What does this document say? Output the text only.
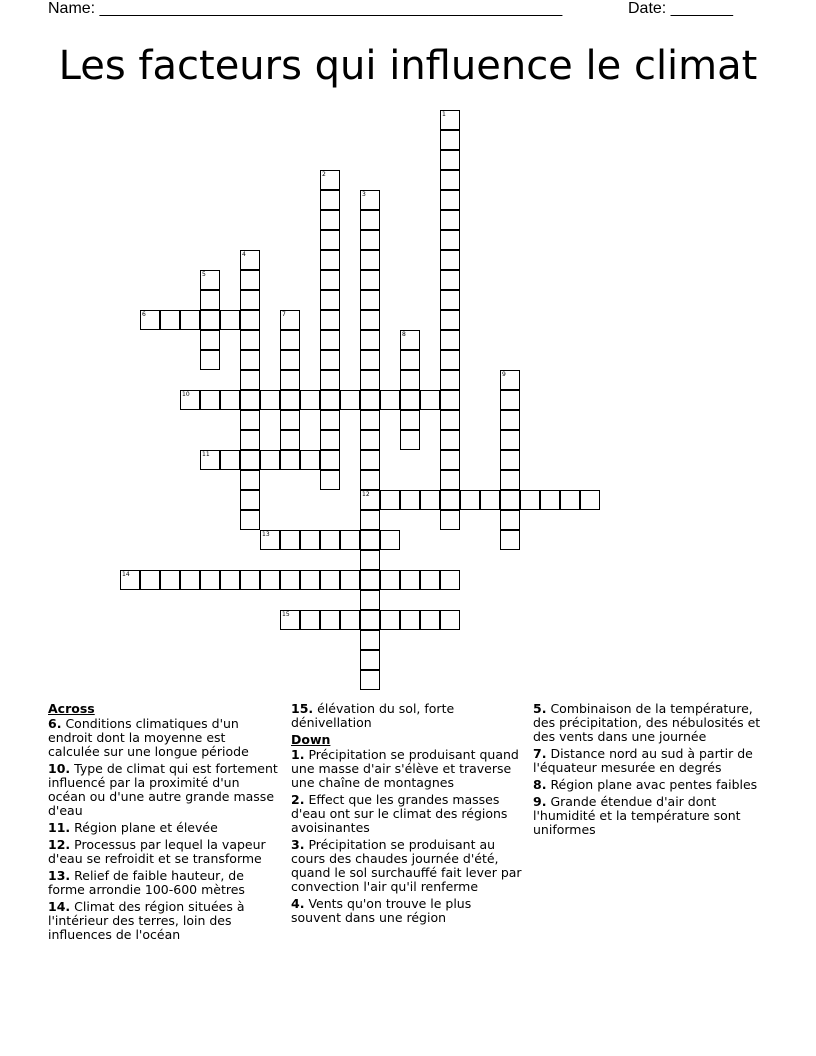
Name: ____________________________________________________	Date: _______
Les facteurs qui influence le climat
6
10
11
12
13
14
15
1
2
3
4
5
7
8
9
Across
6. Conditions climatiques d'un endroit dont la moyenne est calculée sur une longue période
10. Type de climat qui est fortement influencé par la proximité d'un océan ou d'une autre grande masse d'eau
11. Région plane et élevée
12. Processus par lequel la vapeur d'eau se refroidit et se transforme
13. Relief de faible hauteur, de forme arrondie 100-600 mètres
14. Climat des région situées à l'intérieur des terres, loin des influences de l'océan
15. élévation du sol, forte dénivellation
Down
1. Précipitation se produisant quand une masse d'air s'élève et traverse une chaîne de montagnes
2. Effect que les grandes masses d'eau ont sur le climat des régions avoisinantes
3. Précipitation se produisant au cours des chaudes journée d'été, quand le sol surchauffé fait lever par convection l'air qu'il renferme
4. Vents qu'on trouve le plus souvent dans une région
5. Combinaison de la température, des précipitation, des nébulosités et des vents dans une journée
7. Distance nord au sud à partir de l'équateur mesurée en degrés
8. Région plane avac pentes faibles
9. Grande étendue d'air dont l'humidité et la température sont uniformes
